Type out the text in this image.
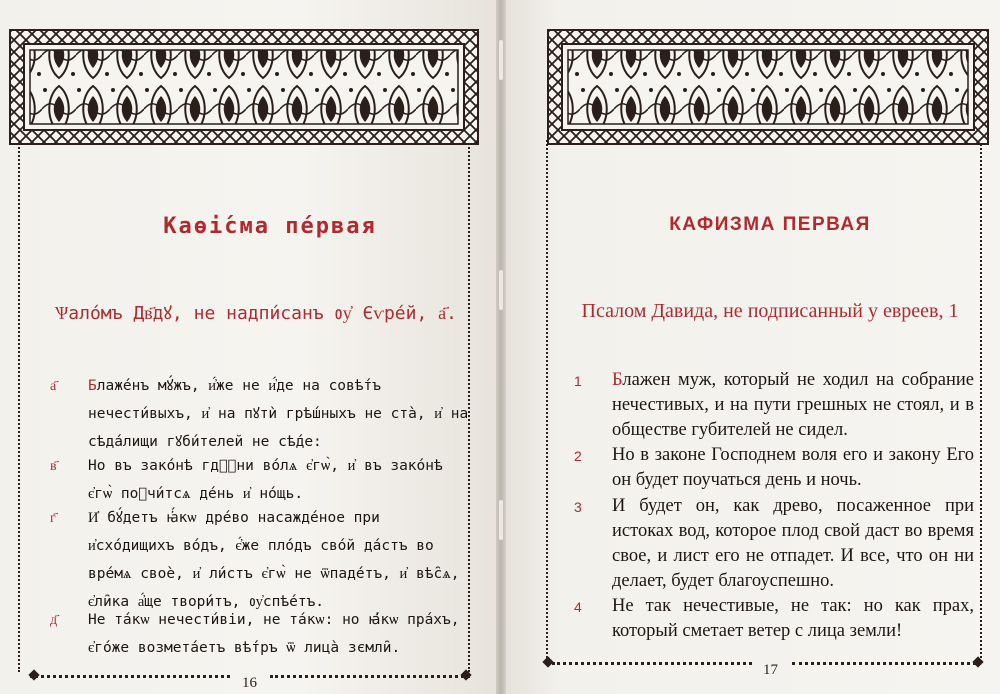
Каѳі́сма пе́рвая
Ѱало́мъ Дв҃дꙋ, не надпи́санъ ᲂу҆ Єѵре́й, а҃.
а҃ Блаже́нъ мꙋ́жъ, и҆́же не и҆́де на совѣ́тъ нечести́выхъ, и҆ на пꙋтѝ грѣ́шныхъ не ста̀, и҆ на сѣда́лищи гꙋби́телей не сѣ́де:
в҃ Но въ зако́нѣ гдⷭ҇ни во́лѧ є҆гѡ̀, и҆ въ зако́нѣ є҆гѡ̀ поꙋчи́тсѧ де́нь и҆ но́щь.
г҃ И҆ бꙋ́детъ ꙗ҆́кѡ дре́во насажде́ное при и҆схо́дищихъ во́дъ, є҆́же пло́дъ сво́й да́стъ во вре́мѧ своѐ, и҆ ли́стъ є҆гѡ̀ не ѿпаде́тъ, и҆ вѣ̑сѧ, є҆ли̑ка а҆́ще твори́тъ, ᲂу҆спѣ́етъ.
д҃ Не та́кѡ нечести́віи, не та́кѡ: но ꙗ҆́кѡ пра́хъ, є҆го́же возмета́етъ вѣ́тръ ѿ лица̀ зємли̑.
16
КАФИЗМА ПЕРВАЯ
Псалом Давида, не подписанный у евреев, 1
1 Блажен муж, который не ходил на собрание нечестивых, и на пути грешных не стоял, и в обществе губителей не сидел.
2 Но в законе Господнем воля его и закону Его он будет поучаться день и ночь.
3 И будет он, как древо, посаженное при истоках вод, которое плод свой даст во время свое, и лист его не отпадет. И все, что он ни делает, будет благоуспешно.
4 Не так нечестивые, не так: но как прах, который сметает ветер с лица земли!
17
